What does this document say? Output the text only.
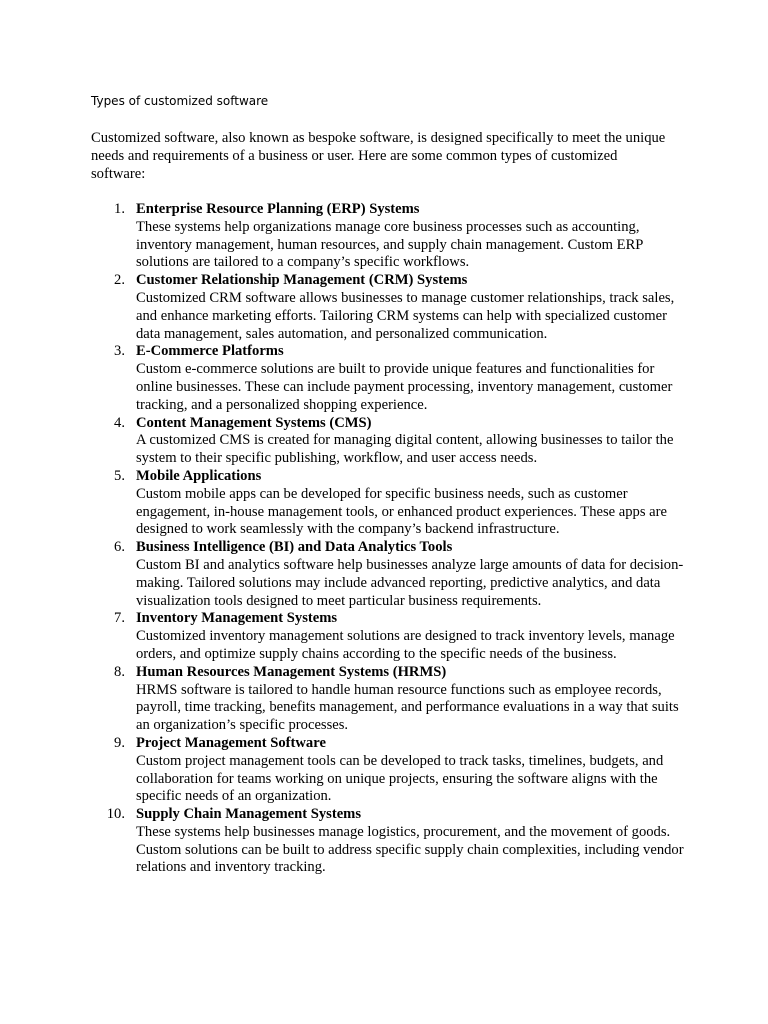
Types of customized software
Customized software, also known as bespoke software, is designed specifically to meet the unique needs and requirements of a business or user. Here are some common types of customized software:
1. Enterprise Resource Planning (ERP) Systems
These systems help organizations manage core business processes such as accounting, inventory management, human resources, and supply chain management. Custom ERP solutions are tailored to a company’s specific workflows.
2. Customer Relationship Management (CRM) Systems
Customized CRM software allows businesses to manage customer relationships, track sales, and enhance marketing efforts. Tailoring CRM systems can help with specialized customer data management, sales automation, and personalized communication.
3. E-Commerce Platforms
Custom e-commerce solutions are built to provide unique features and functionalities for online businesses. These can include payment processing, inventory management, customer tracking, and a personalized shopping experience.
4. Content Management Systems (CMS)
A customized CMS is created for managing digital content, allowing businesses to tailor the system to their specific publishing, workflow, and user access needs.
5. Mobile Applications
Custom mobile apps can be developed for specific business needs, such as customer engagement, in-house management tools, or enhanced product experiences. These apps are designed to work seamlessly with the company’s backend infrastructure.
6. Business Intelligence (BI) and Data Analytics Tools
Custom BI and analytics software help businesses analyze large amounts of data for decision-making. Tailored solutions may include advanced reporting, predictive analytics, and data visualization tools designed to meet particular business requirements.
7. Inventory Management Systems
Customized inventory management solutions are designed to track inventory levels, manage orders, and optimize supply chains according to the specific needs of the business.
8. Human Resources Management Systems (HRMS)
HRMS software is tailored to handle human resource functions such as employee records, payroll, time tracking, benefits management, and performance evaluations in a way that suits an organization’s specific processes.
9. Project Management Software
Custom project management tools can be developed to track tasks, timelines, budgets, and collaboration for teams working on unique projects, ensuring the software aligns with the specific needs of an organization.
10. Supply Chain Management Systems
These systems help businesses manage logistics, procurement, and the movement of goods. Custom solutions can be built to address specific supply chain complexities, including vendor relations and inventory tracking.
